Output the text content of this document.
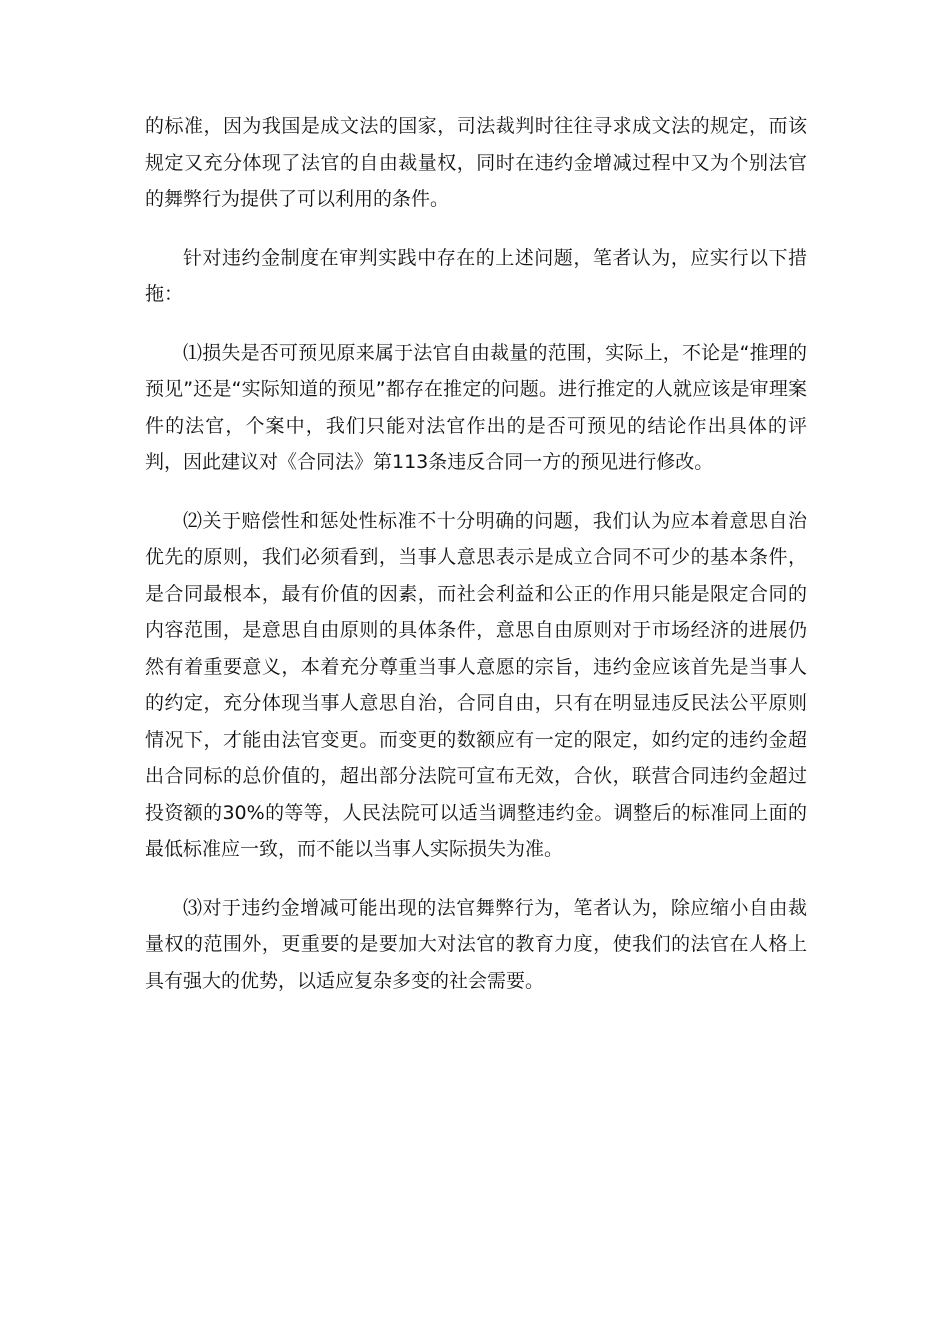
的标准，因为我国是成文法的国家，司法裁判时往往寻求成文法的规定，而该规定又充分体现了法官的自由裁量权，同时在违约金增减过程中又为个别法官的舞弊行为提供了可以利用的条件。

针对违约金制度在审判实践中存在的上述问题，笔者认为，应实行以下措拖：

⑴损失是否可预见原来属于法官自由裁量的范围，实际上，不论是“推理的预见”还是“实际知道的预见”都存在推定的问题。进行推定的人就应该是审理案件的法官，个案中，我们只能对法官作出的是否可预见的结论作出具体的评判，因此建议对《合同法》第113条违反合同一方的预见进行修改。

⑵关于赔偿性和惩处性标准不十分明确的问题，我们认为应本着意思自治优先的原则，我们必须看到，当事人意思表示是成立合同不可少的基本条件，是合同最根本，最有价值的因素，而社会利益和公正的作用只能是限定合同的内容范围，是意思自由原则的具体条件，意思自由原则对于市场经济的进展仍然有着重要意义，本着充分尊重当事人意愿的宗旨，违约金应该首先是当事人的约定，充分体现当事人意思自治，合同自由，只有在明显违反民法公平原则情况下，才能由法官变更。而变更的数额应有一定的限定，如约定的违约金超出合同标的总价值的，超出部分法院可宣布无效，合伙，联营合同违约金超过投资额的30%的等等，人民法院可以适当调整违约金。调整后的标准同上面的最低标准应一致，而不能以当事人实际损失为准。

⑶对于违约金增减可能出现的法官舞弊行为，笔者认为，除应缩小自由裁量权的范围外，更重要的是要加大对法官的教育力度，使我们的法官在人格上具有强大的优势，以适应复杂多变的社会需要。
